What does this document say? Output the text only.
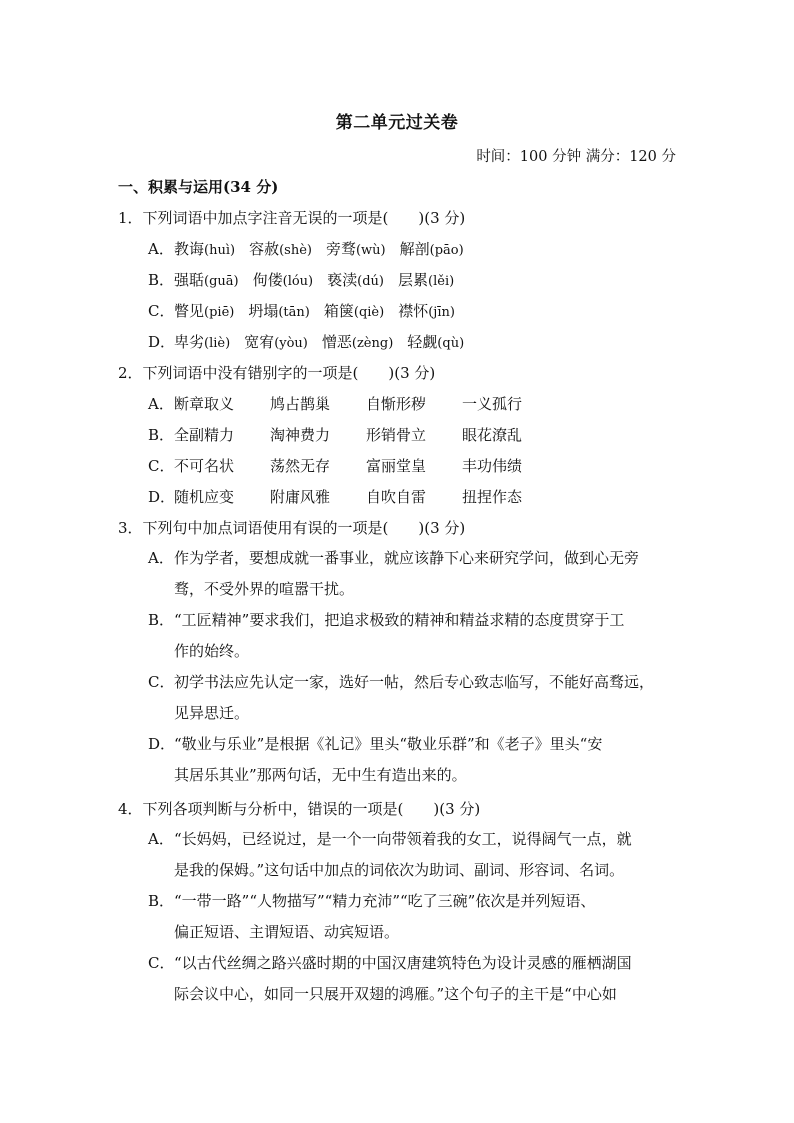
第二单元过关卷
时间：100 分钟 满分：120 分
一、积累与运用(34 分)
1．下列词语中加点字注音无误的一项是(　　)(3 分)
A．教诲(huì) 容赦(shè) 旁骛(wù) 解剖(pāo)
B．强聒(guā) 佝偻(lóu) 亵渎(dú) 层累(lěi)
C．瞥见(piē) 坍塌(tān) 箱箧(qiè) 襟怀(jīn)
D．卑劣(liè) 宽宥(yòu) 憎恶(zèng) 轻觑(qù)
2．下列词语中没有错别字的一项是(　　)(3 分)
A．断章取义 鸠占鹊巢 自惭形秽 一义孤行
B．全副精力 淘神费力 形销骨立 眼花潦乱
C．不可名状 荡然无存 富丽堂皇 丰功伟绩
D．随机应变 附庸风雅 自吹自雷 扭捏作态
3．下列句中加点词语使用有误的一项是(　　)(3 分)
A．作为学者，要想成就一番事业，就应该静下心来研究学问，做到心无旁
骛，不受外界的喧嚣干扰。
B．“工匠精神”要求我们，把追求极致的精神和精益求精的态度贯穿于工
作的始终。
C．初学书法应先认定一家，选好一帖，然后专心致志临写，不能好高骛远，
见异思迁。
D．“敬业与乐业”是根据《礼记》里头“敬业乐群”和《老子》里头“安
其居乐其业”那两句话，无中生有造出来的。
4．下列各项判断与分析中，错误的一项是(　　)(3 分)
A．“长妈妈，已经说过，是一个一向带领着我的女工，说得阔气一点，就
是我的保姆。”这句话中加点的词依次为助词、副词、形容词、名词。
B．“一带一路”“人物描写”“精力充沛”“吃了三碗”依次是并列短语、
偏正短语、主谓短语、动宾短语。
C．“以古代丝绸之路兴盛时期的中国汉唐建筑特色为设计灵感的雁栖湖国
际会议中心，如同一只展开双翅的鸿雁。”这个句子的主干是“中心如
